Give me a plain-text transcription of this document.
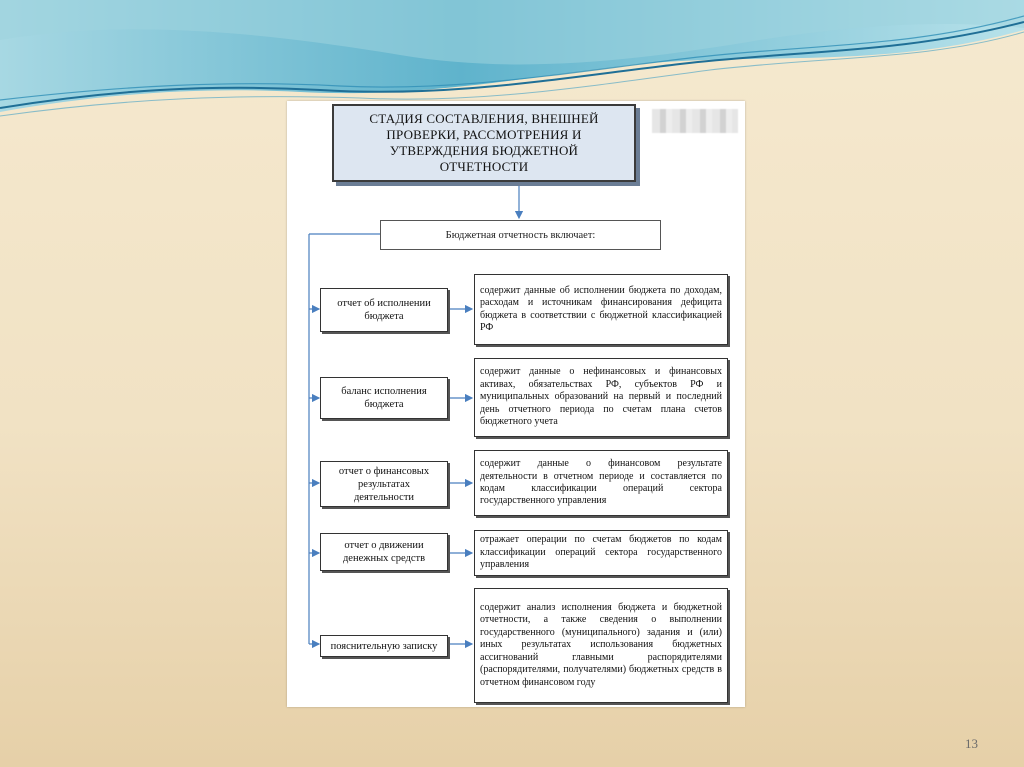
СТАДИЯ СОСТАВЛЕНИЯ, ВНЕШНЕЙ ПРОВЕРКИ, РАССМОТРЕНИЯ И УТВЕРЖДЕНИЯ БЮДЖЕТНОЙ ОТЧЕТНОСТИ
Бюджетная отчетность включает:
отчет об исполнении бюджета
содержит данные об исполнении бюджета по доходам, расходам и источникам финансирования дефицита бюджета в соответствии с бюджетной классификацией РФ
баланс исполнения бюджета
содержит данные о нефинансовых и финансовых активах, обязательствах РФ, субъектов РФ и муниципальных образований на первый и последний день отчетного периода по счетам плана счетов бюджетного учета
отчет о финансовых результатах деятельности
содержит данные о финансовом результате деятельности в отчетном периоде и составляется по кодам классификации операций сектора государственного управления
отчет о движении денежных средств
отражает операции по счетам бюджетов по кодам классификации операций сектора государственного управления
пояснительную записку
содержит анализ исполнения бюджета и бюджетной отчетности, а также сведения о выполнении государственного (муниципального) задания и (или) иных результатах использования бюджетных ассигнований главными распорядителями (распорядителями, получателями) бюджетных средств в отчетном финансовом году
13
